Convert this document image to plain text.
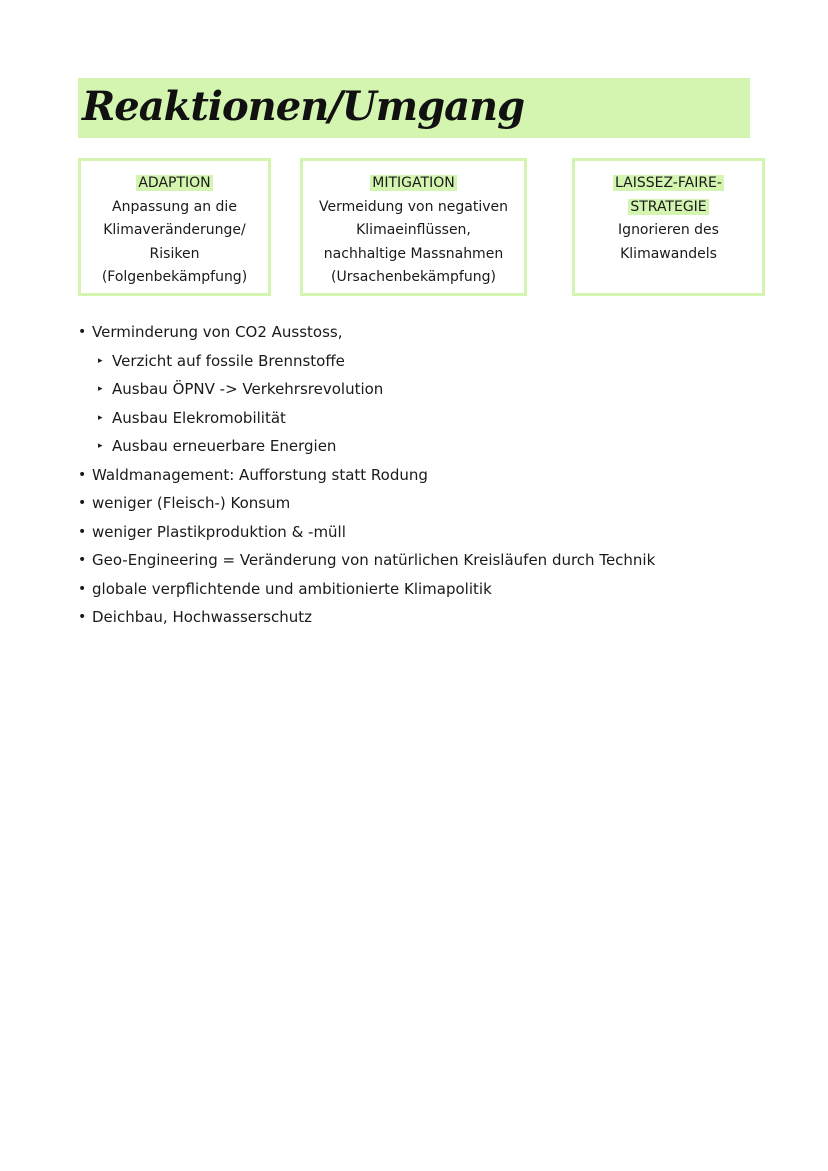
Reaktionen/Umgang
ADAPTION
Anpassung an die
Klimaveränderunge/
Risiken
(Folgenbekämpfung)
MITIGATION
Vermeidung von negativen
Klimaeinflüssen,
nachhaltige Massnahmen
(Ursachenbekämpfung)
LAISSEZ-FAIRE-
STRATEGIE
Ignorieren des
Klimawandels
• Verminderung von CO2 Ausstoss,
▸ Verzicht auf fossile Brennstoffe
▸ Ausbau ÖPNV -> Verkehrsrevolution
▸ Ausbau Elekromobilität
▸ Ausbau erneuerbare Energien
• Waldmanagement: Aufforstung statt Rodung
• weniger (Fleisch-) Konsum
• weniger Plastikproduktion & -müll
• Geo-Engineering = Veränderung von natürlichen Kreisläufen durch Technik
• globale verpflichtende und ambitionierte Klimapolitik
• Deichbau, Hochwasserschutz
